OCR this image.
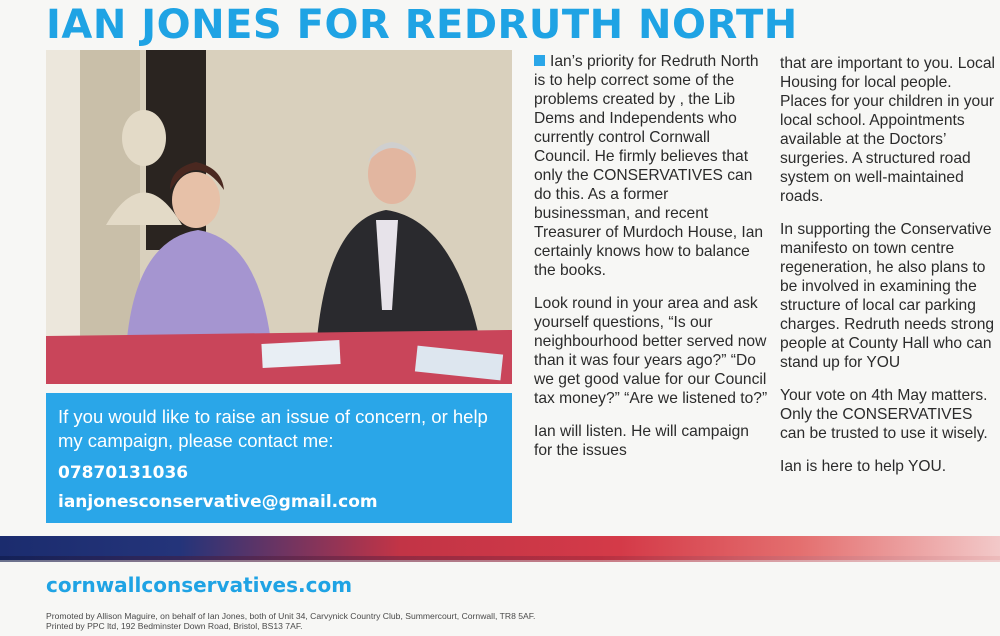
IAN JONES FOR REDRUTH NORTH
If you would like to raise an issue of concern, or help my campaign, please contact me:
07870131036
ianjonesconservative@gmail.com

Ian’s priority for Redruth North is to help correct some of the problems created by , the Lib Dems and Independents who currently control Cornwall Council. He firmly believes that only the CONSERVATIVES can do this. As a former businessman, and recent Treasurer of Murdoch House, Ian certainly knows how to balance the books.

Look round in your area and ask yourself questions, “Is our neighbourhood better served now than it was four years ago?” “Do we get good value for our Council tax money?” “Are we listened to?”

Ian will listen. He will campaign for the issues

that are important to you. Local Housing for local people. Places for your children in your local school. Appointments available at the Doctors’ surgeries. A structured road system on well-maintained roads.

In supporting the Conservative manifesto on town centre regeneration, he also plans to be involved in examining the structure of local car parking charges. Redruth needs strong people at County Hall who can stand up for YOU

Your vote on 4th May matters. Only the CONSERVATIVES can be trusted to use it wisely.

Ian is here to help YOU.

cornwallconservatives.com
Promoted by Allison Maguire, on behalf of Ian Jones, both of Unit 34, Carvynick Country Club, Summercourt, Cornwall, TR8 5AF.
Printed by PPC ltd, 192 Bedminster Down Road, Bristol, BS13 7AF.
